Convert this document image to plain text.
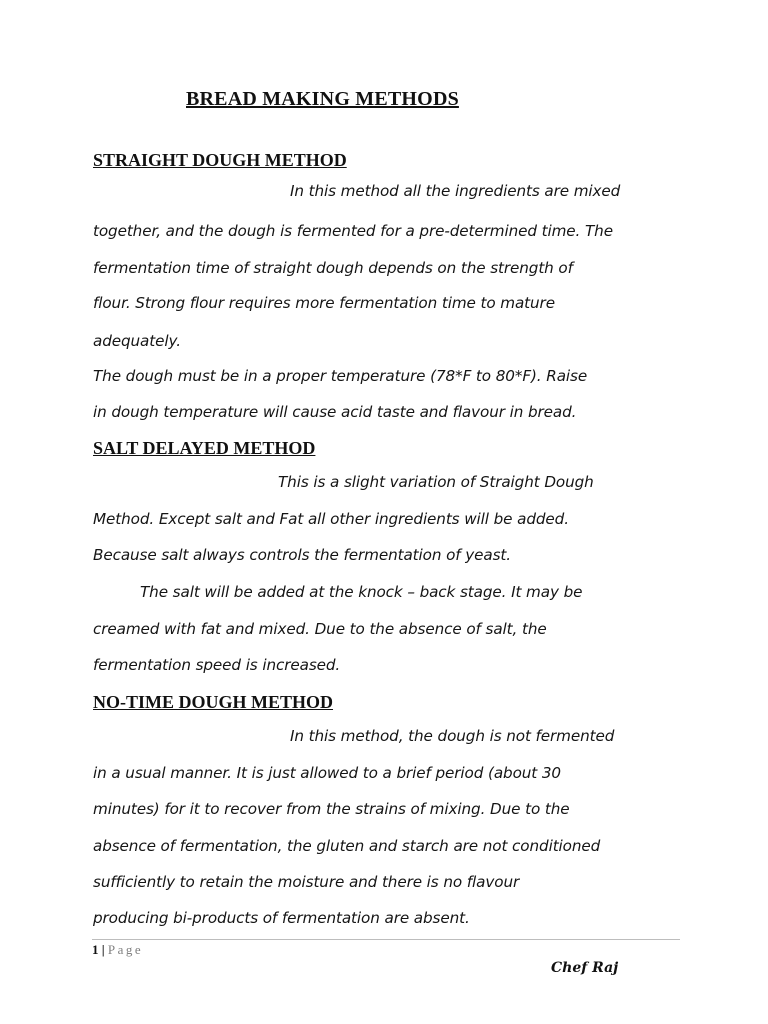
BREAD MAKING METHODS
STRAIGHT DOUGH METHOD
In this method all the ingredients are mixed
together, and the dough is fermented for a pre-determined time. The
fermentation time of straight dough depends on the strength of
flour. Strong flour requires more fermentation time to mature
adequately.
The dough must be in a proper temperature (78*F to 80*F). Raise
in dough temperature will cause acid taste and flavour in bread.
SALT DELAYED METHOD
This is a slight variation of Straight Dough
Method. Except salt and Fat all other ingredients will be added.
Because salt always controls the fermentation of yeast.
The salt will be added at the knock – back stage. It may be
creamed with fat and mixed. Due to the absence of salt, the
fermentation speed is increased.
NO-TIME DOUGH METHOD
In this method, the dough is not fermented
in a usual manner. It is just allowed to a brief period (about 30
minutes) for it to recover from the strains of mixing. Due to the
absence of fermentation, the gluten and starch are not conditioned
sufficiently to retain the moisture and there is no flavour
producing bi-products of fermentation are absent.
1 | Page
Chef Raj
